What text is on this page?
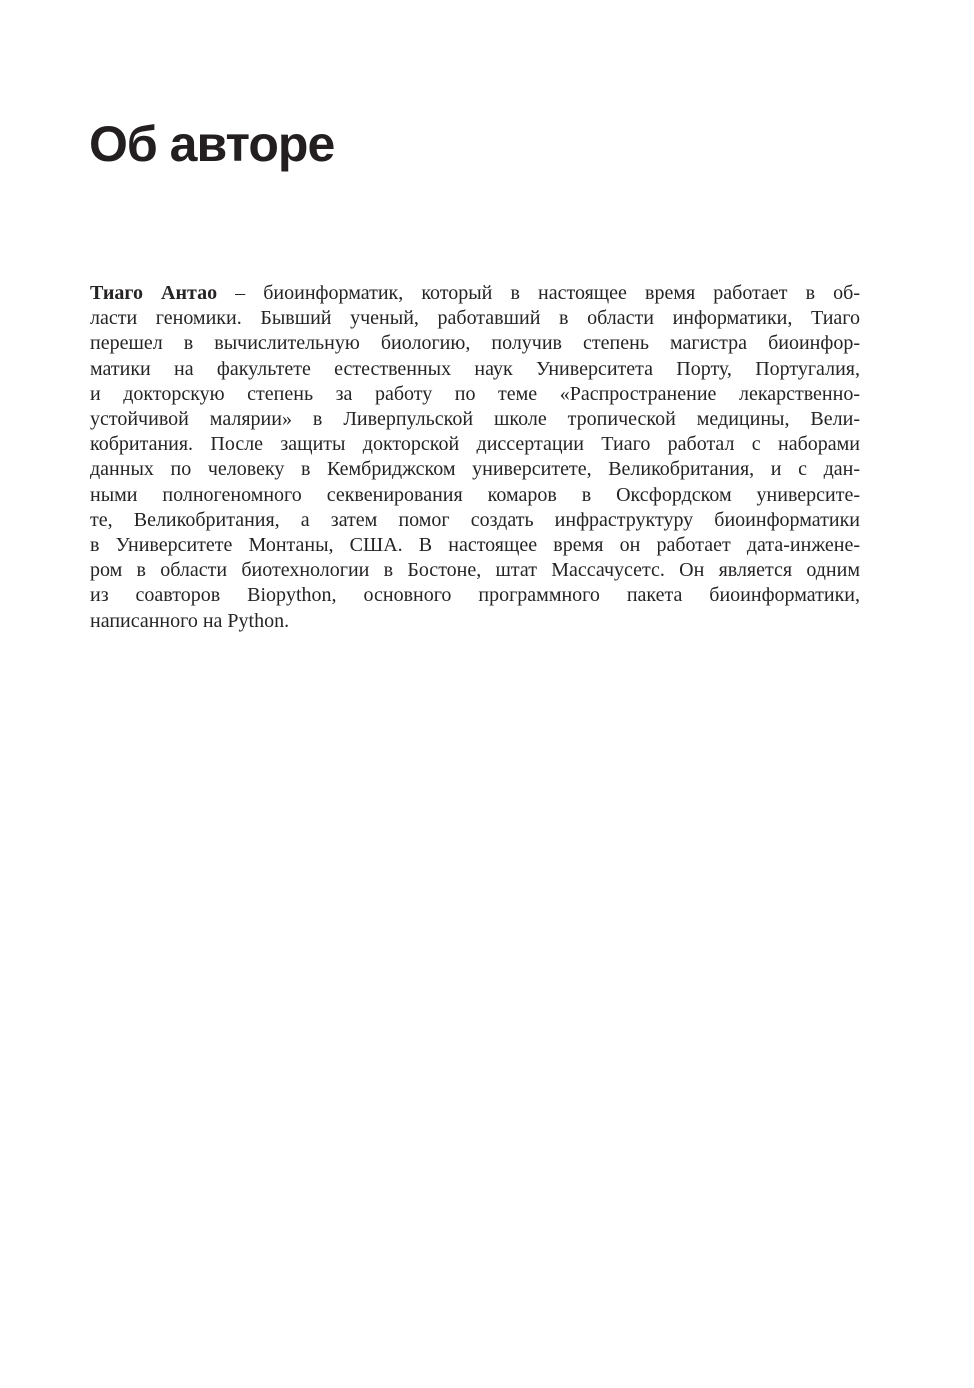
Об авторе
Тиаго Антао – биоинформатик, который в настоящее время работает в об-
ласти геномики. Бывший ученый, работавший в области информатики, Тиаго
перешел в вычислительную биологию, получив степень магистра биоинфор-
матики на факультете естественных наук Университета Порту, Португалия,
и докторскую степень за работу по теме «Распространение лекарственно-
устойчивой малярии» в Ливерпульской школе тропической медицины, Вели-
кобритания. После защиты докторской диссертации Тиаго работал с наборами
данных по человеку в Кембриджском университете, Великобритания, и с дан-
ными полногеномного секвенирования комаров в Оксфордском университе-
те, Великобритания, а затем помог создать инфраструктуру биоинформатики
в Университете Монтаны, США. В настоящее время он работает дата-инжене-
ром в области биотехнологии в Бостоне, штат Массачусетс. Он является одним
из соавторов Biopython, основного программного пакета биоинформатики,
написанного на Python.
